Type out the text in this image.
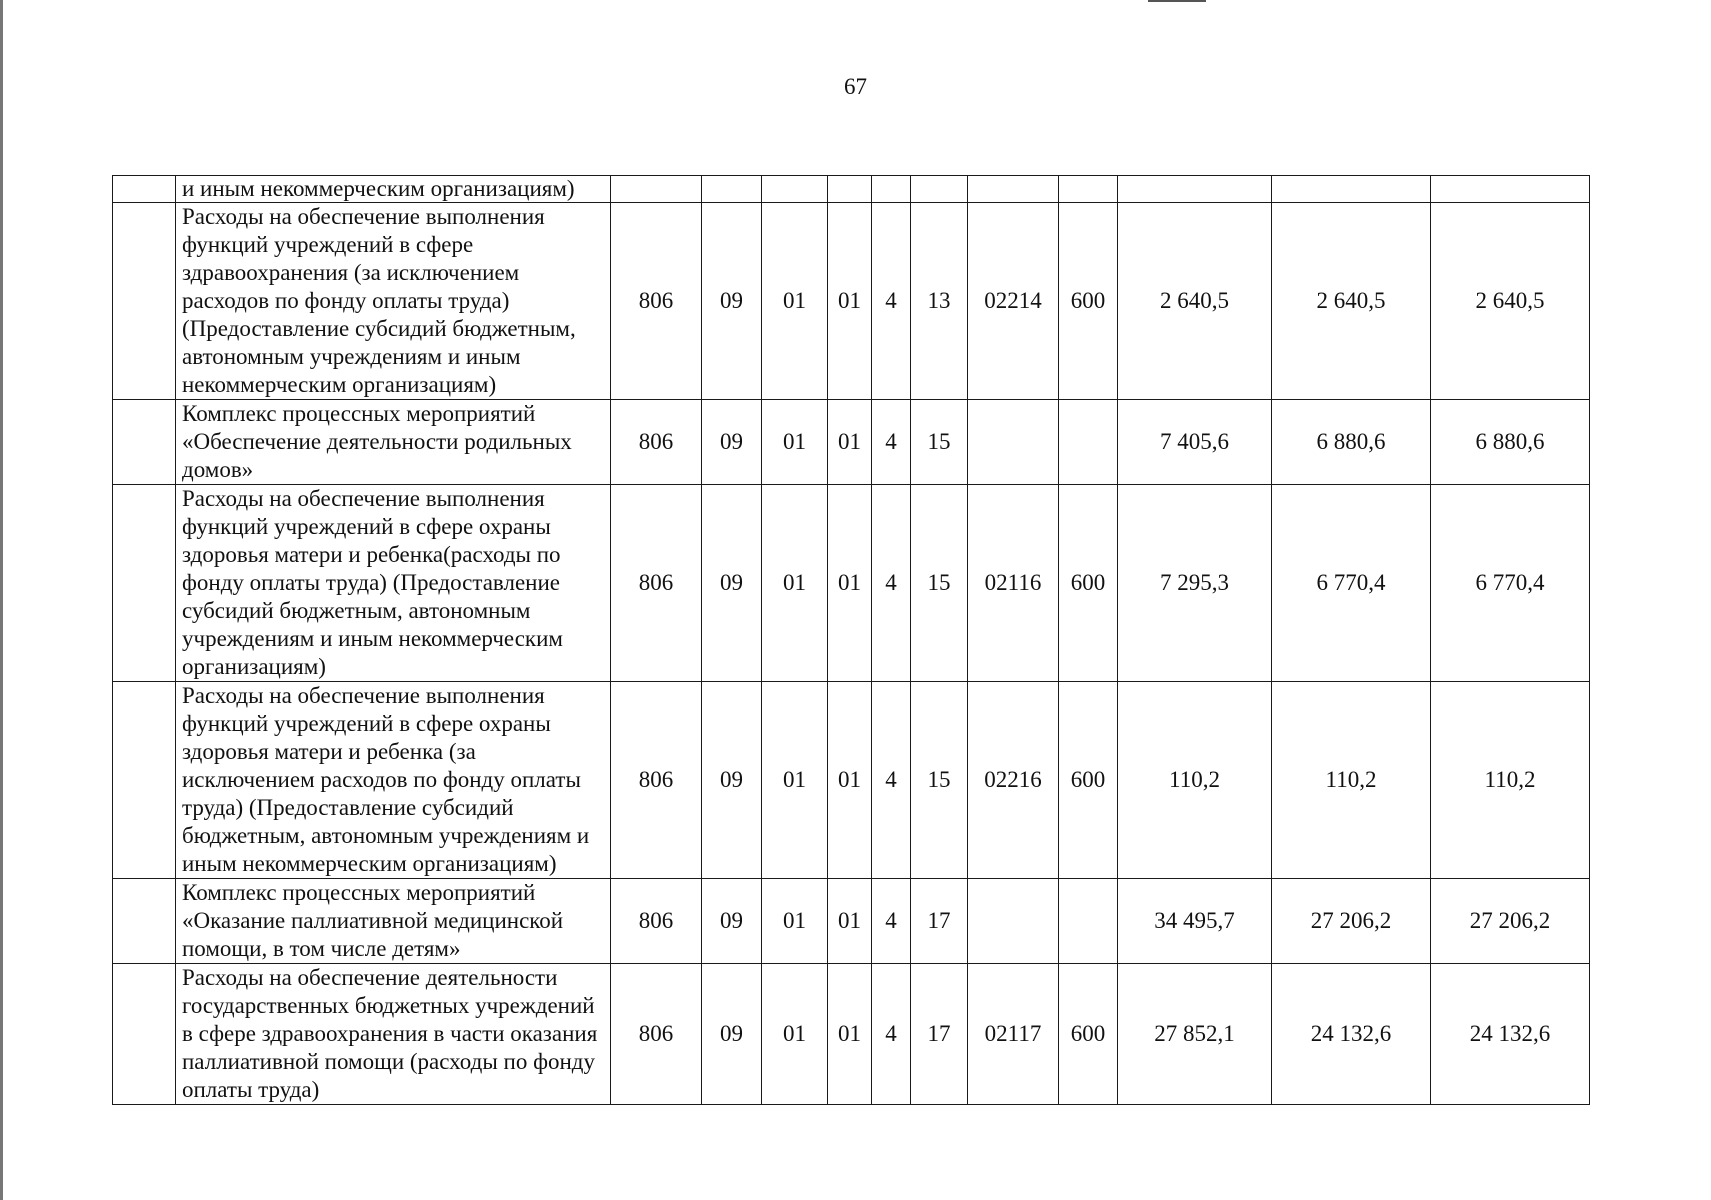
67
	и иным некоммерческим организациям)											
	Расходы на обеспечение выполнения функций учреждений в сфере здравоохранения (за исключением расходов по фонду оплаты труда) (Предоставление субсидий бюджетным, автономным учреждениям и иным некоммерческим организациям)	806	09	01	01	4	13	02214	600	2 640,5	2 640,5	2 640,5
	Комплекс процессных мероприятий «Обеспечение деятельности родильных домов»	806	09	01	01	4	15			7 405,6	6 880,6	6 880,6
	Расходы на обеспечение выполнения функций учреждений в сфере охраны здоровья матери и ребенка(расходы по фонду оплаты труда) (Предоставление субсидий бюджетным, автономным учреждениям и иным некоммерческим организациям)	806	09	01	01	4	15	02116	600	7 295,3	6 770,4	6 770,4
	Расходы на обеспечение выполнения функций учреждений в сфере охраны здоровья матери и ребенка (за исключением расходов по фонду оплаты труда) (Предоставление субсидий бюджетным, автономным учреждениям и иным некоммерческим организациям)	806	09	01	01	4	15	02216	600	110,2	110,2	110,2
	Комплекс процессных мероприятий «Оказание паллиативной медицинской помощи, в том числе детям»	806	09	01	01	4	17			34 495,7	27 206,2	27 206,2
	Расходы на обеспечение деятельности государственных бюджетных учреждений в сфере здравоохранения в части оказания паллиативной помощи (расходы по фонду оплаты труда)	806	09	01	01	4	17	02117	600	27 852,1	24 132,6	24 132,6
